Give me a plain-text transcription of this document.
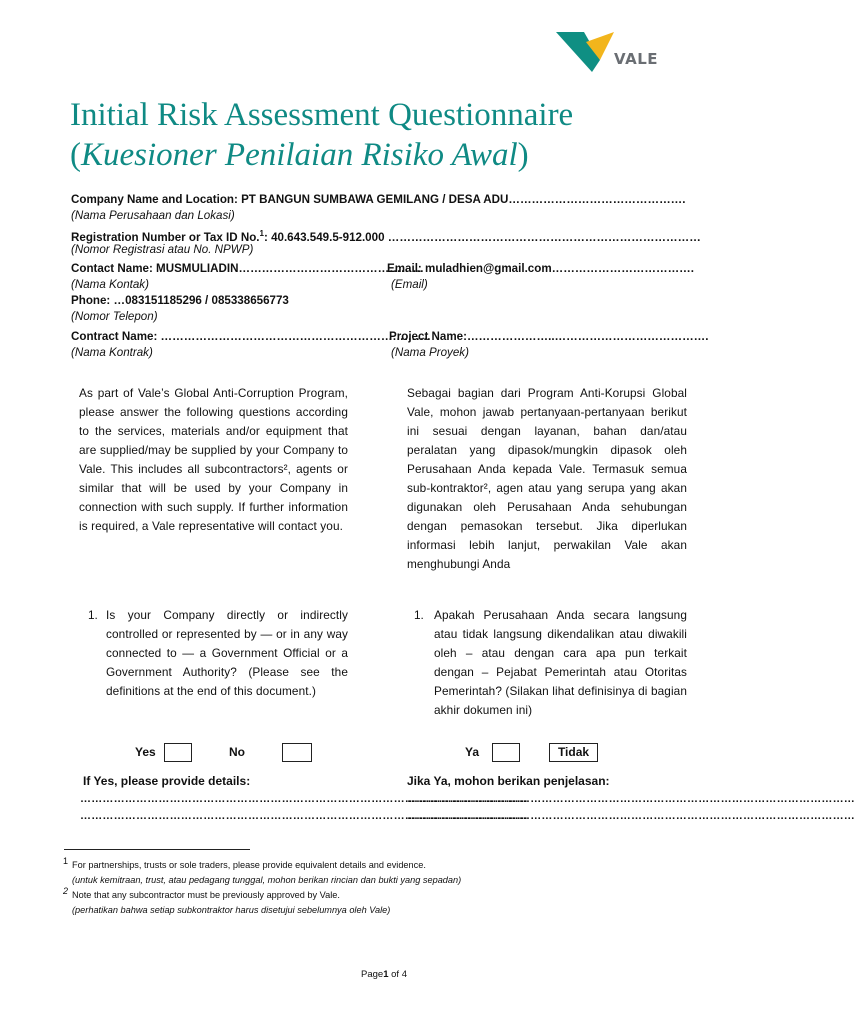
VALE
Initial Risk Assessment Questionnaire
(Kuesioner Penilaian Risiko Awal)
Company Name and Location: PT BANGUN SUMBAWA GEMILANG / DESA ADU……………………………………….
(Nama Perusahaan dan Lokasi)
Registration Number or Tax ID No.$^1$: 40.643.549.5-912.000 ………………………………………………………………………
(Nomor Registrasi atau No. NPWP)
Contact Name: MUSMULIADIN…………………………………………
Email: muladhien@gmail.com……………………………….
(Nama Kontak)	(Email)
Phone: …083151185296 / 085338656773
(Nomor Telepon)
Contract Name: …………………………………………………………….
Project Name:…………………..………………………………….
(Nama Kontrak)	(Nama Proyek)
As part of Vale’s Global Anti-Corruption Program, please answer the following questions according to the services, materials and/or equipment that are supplied/may be supplied by your Company to Vale. This includes all subcontractors², agents or similar that will be used by your Company in connection with such supply. If further information is required, a Vale representative will contact you.
Sebagai bagian dari Program Anti-Korupsi Global Vale, mohon jawab pertanyaan-pertanyaan berikut ini sesuai dengan layanan, bahan dan/atau peralatan yang dipasok/mungkin dipasok oleh Perusahaan Anda kepada Vale. Termasuk semua sub-kontraktor², agen atau yang serupa yang akan digunakan oleh Perusahaan Anda sehubungan dengan pemasokan tersebut. Jika diperlukan informasi lebih lanjut, perwakilan Vale akan menghubungi Anda
1. Is your Company directly or indirectly controlled or represented by — or in any way connected to — a Government Official or a Government Authority? (Please see the definitions at the end of this document.)
1. Apakah Perusahaan Anda secara langsung atau tidak langsung dikendalikan atau diwakili oleh – atau dengan cara apa pun terkait dengan – Pejabat Pemerintah atau Otoritas Pemerintah? (Silakan lihat definisinya di bagian akhir dokumen ini)
Yes	No	Ya	Tidak
If Yes, please provide details:
…………………………………………………………………………………………………………
…………………………………………………………………………………………………………
Jika Ya, mohon berikan penjelasan:
…………………………………………………………………………………………………………
…………………………………………………………………………………………………………
1 For partnerships, trusts or sole traders, please provide equivalent details and evidence.
(untuk kemitraan, trust, atau pedagang tunggal, mohon berikan rincian dan bukti yang sepadan)
2 Note that any subcontractor must be previously approved by Vale.
(perhatikan bahwa setiap subkontraktor harus disetujui sebelumnya oleh Vale)
Page1 of 4
